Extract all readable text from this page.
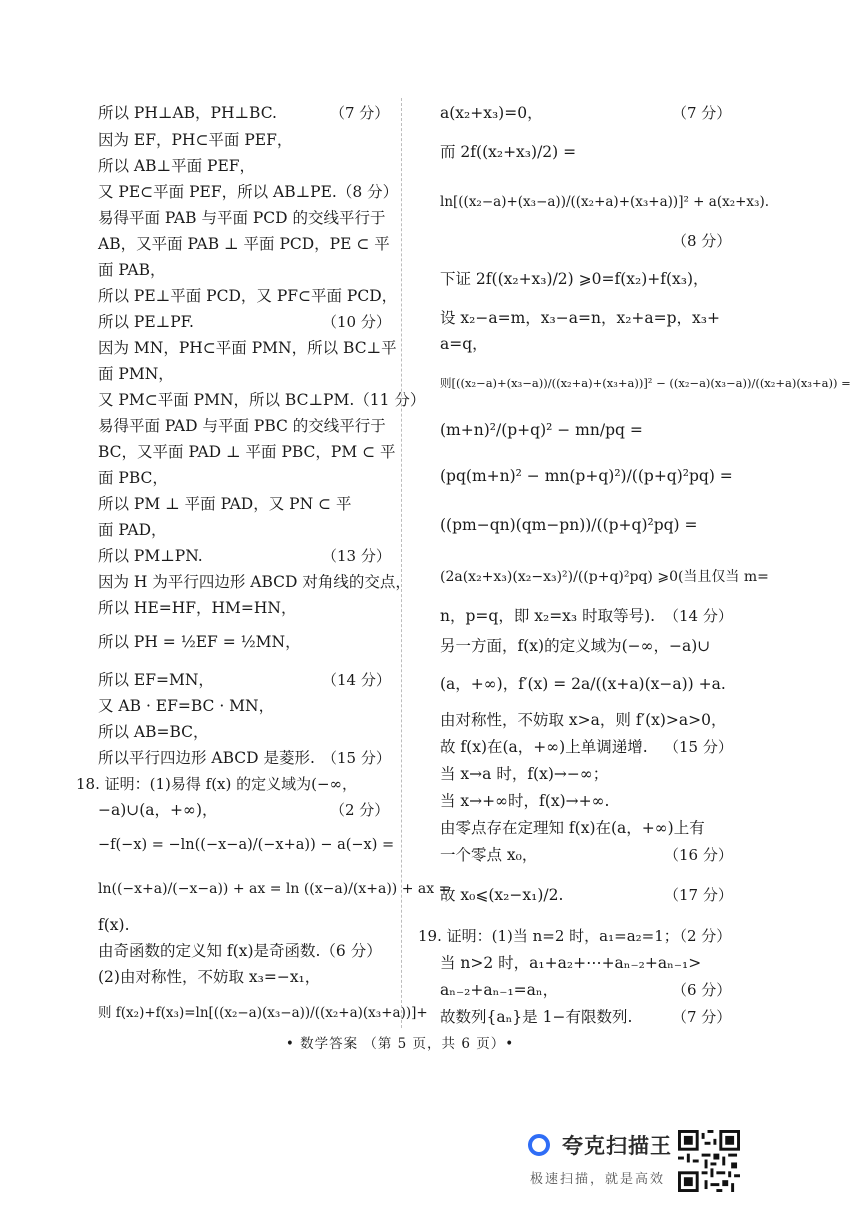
所以 PH⊥AB，PH⊥BC.	（7 分）
因为 EF，PH⊂平面 PEF，
所以 AB⊥平面 PEF，
又 PE⊂平面 PEF，所以 AB⊥PE.（8 分）
易得平面 PAB 与平面 PCD 的交线平行于
AB，又平面 PAB ⊥ 平面 PCD，PE ⊂ 平
面 PAB，
所以 PE⊥平面 PCD，又 PF⊂平面 PCD，
所以 PE⊥PF.	（10 分）
因为 MN，PH⊂平面 PMN，所以 BC⊥平
面 PMN，
又 PM⊂平面 PMN，所以 BC⊥PM.（11 分）
易得平面 PAD 与平面 PBC 的交线平行于
BC，又平面 PAD ⊥ 平面 PBC，PM ⊂ 平
面 PBC，
所以 PM ⊥ 平面 PAD，又 PN ⊂ 平
面 PAD，
所以 PM⊥PN.	（13 分）
因为 H 为平行四边形 ABCD 对角线的交点，
所以 HE=HF，HM=HN，
所以 PH = ½EF = ½MN，
所以 EF=MN，	（14 分）
又 AB · EF=BC · MN，
所以 AB=BC，
所以平行四边形 ABCD 是菱形. （15 分）
18. 证明：(1)易得 f(x) 的定义域为(−∞，
−a)∪(a，+∞)，	（2 分）
−f(−x) = −ln((−x−a)/(−x+a)) − a(−x) =
ln((−x+a)/(−x−a)) + ax = ln ((x−a)/(x+a)) + ax =
f(x).
由奇函数的定义知 f(x)是奇函数.（6 分）
(2)由对称性，不妨取 x₃=−x₁，
则 f(x₂)+f(x₃)=ln[((x₂−a)(x₃−a))/((x₂+a)(x₃+a))]+
a(x₂+x₃)=0，	（7 分）
而 2f((x₂+x₃)/2) =
ln[((x₂−a)+(x₃−a))/((x₂+a)+(x₃+a))]² + a(x₂+x₃).
（8 分）
下证 2f((x₂+x₃)/2) ⩾0=f(x₂)+f(x₃)，
设 x₂−a=m，x₃−a=n，x₂+a=p，x₃+
a=q，
则[((x₂−a)+(x₃−a))/((x₂+a)+(x₃+a))]² − ((x₂−a)(x₃−a))/((x₂+a)(x₃+a)) =
(m+n)²/(p+q)² − mn/pq =
(pq(m+n)² − mn(p+q)²)/((p+q)²pq) =
((pm−qn)(qm−pn))/((p+q)²pq) =
(2a(x₂+x₃)(x₂−x₃)²)/((p+q)²pq) ⩾0(当且仅当 m=
n，p=q，即 x₂=x₃ 时取等号). （14 分）
另一方面，f(x)的定义域为(−∞，−a)∪
(a，+∞)，f′(x) = 2a/((x+a)(x−a)) +a.
由对称性，不妨取 x>a，则 f′(x)>a>0，
故 f(x)在(a，+∞)上单调递增. （15 分）
当 x→a 时，f(x)→−∞；
当 x→+∞时，f(x)→+∞.
由零点存在定理知 f(x)在(a，+∞)上有
一个零点 x₀，	（16 分）
故 x₀⩽(x₂−x₁)/2.	（17 分）
19. 证明：(1)当 n=2 时，a₁=a₂=1；
（2 分）
当 n>2 时，a₁+a₂+⋯+aₙ₋₂+aₙ₋₁>
aₙ₋₂+aₙ₋₁=aₙ，	（6 分）
故数列{aₙ}是 1−有限数列.	（7 分）
• 数学答案 （第 5 页，共 6 页）•
夸克扫描王
极速扫描，就是高效
